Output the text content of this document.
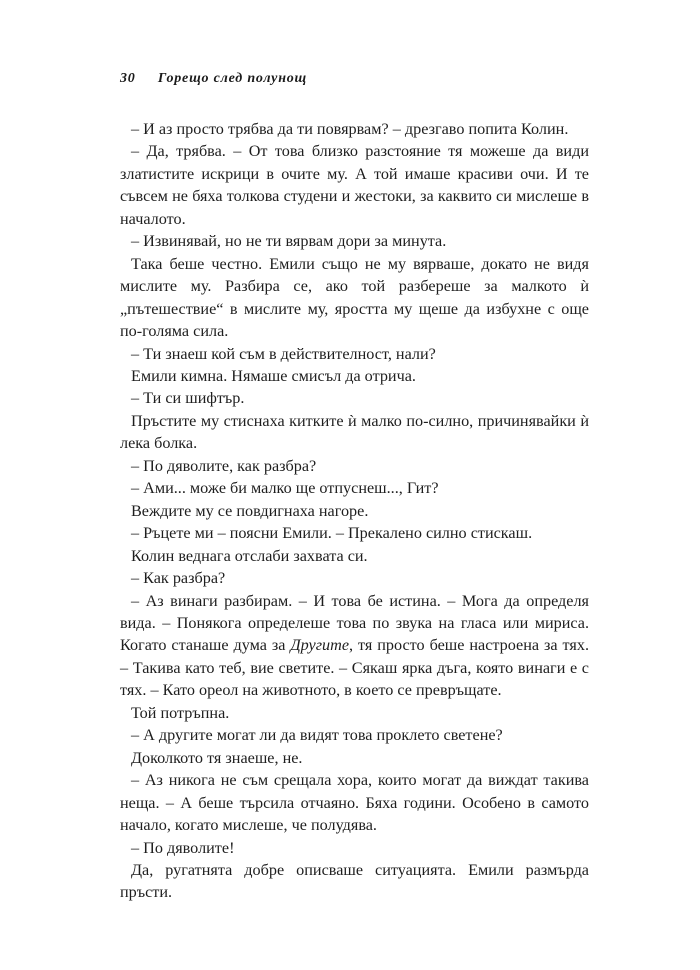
30 Горещо след полунощ

– И аз просто трябва да ти повярвам? – дрезгаво попита Колин.

– Да, трябва. – От това близко разстояние тя можеше да види златистите искрици в очите му. А той имаше красиви очи. И те съвсем не бяха толкова студени и жестоки, за каквито си мислеше в началото.

– Извинявай, но не ти вярвам дори за минута.

Така беше честно. Емили също не му вярваше, докато не видя мислите му. Разбира се, ако той разбереше за малкото ѝ „пътешествие“ в мислите му, яростта му щеше да избухне с още по-голяма сила.

– Ти знаеш кой съм в действителност, нали?

Емили кимна. Нямаше смисъл да отрича.

– Ти си шифтър.

Пръстите му стиснаха китките ѝ малко по-силно, причинявайки ѝ лека болка.

– По дяволите, как разбра?

– Ами... може би малко ще отпуснеш..., Гит?

Веждите му се повдигнаха нагоре.

– Ръцете ми – поясни Емили. – Прекалено силно стискаш.

Колин веднага отслаби захвата си.

– Как разбра?

– Аз винаги разбирам. – И това бе истина. – Мога да определя вида. – Понякога определеше това по звука на гласа или мириса. Когато станаше дума за Другите, тя просто беше настроена за тях. – Такива като теб, вие светите. – Сякаш ярка дъга, която винаги е с тях. – Като ореол на животното, в което се превръщате.

Той потръпна.

– А другите могат ли да видят това проклето светене?

Доколкото тя знаеше, не.

– Аз никога не съм срещала хора, които могат да виждат такива неща. – А беше търсила отчаяно. Бяха години. Особено в самото начало, когато мислеше, че полудява.

– По дяволите!

Да, ругатнята добре описваше ситуацията. Емили размърда пръсти.
